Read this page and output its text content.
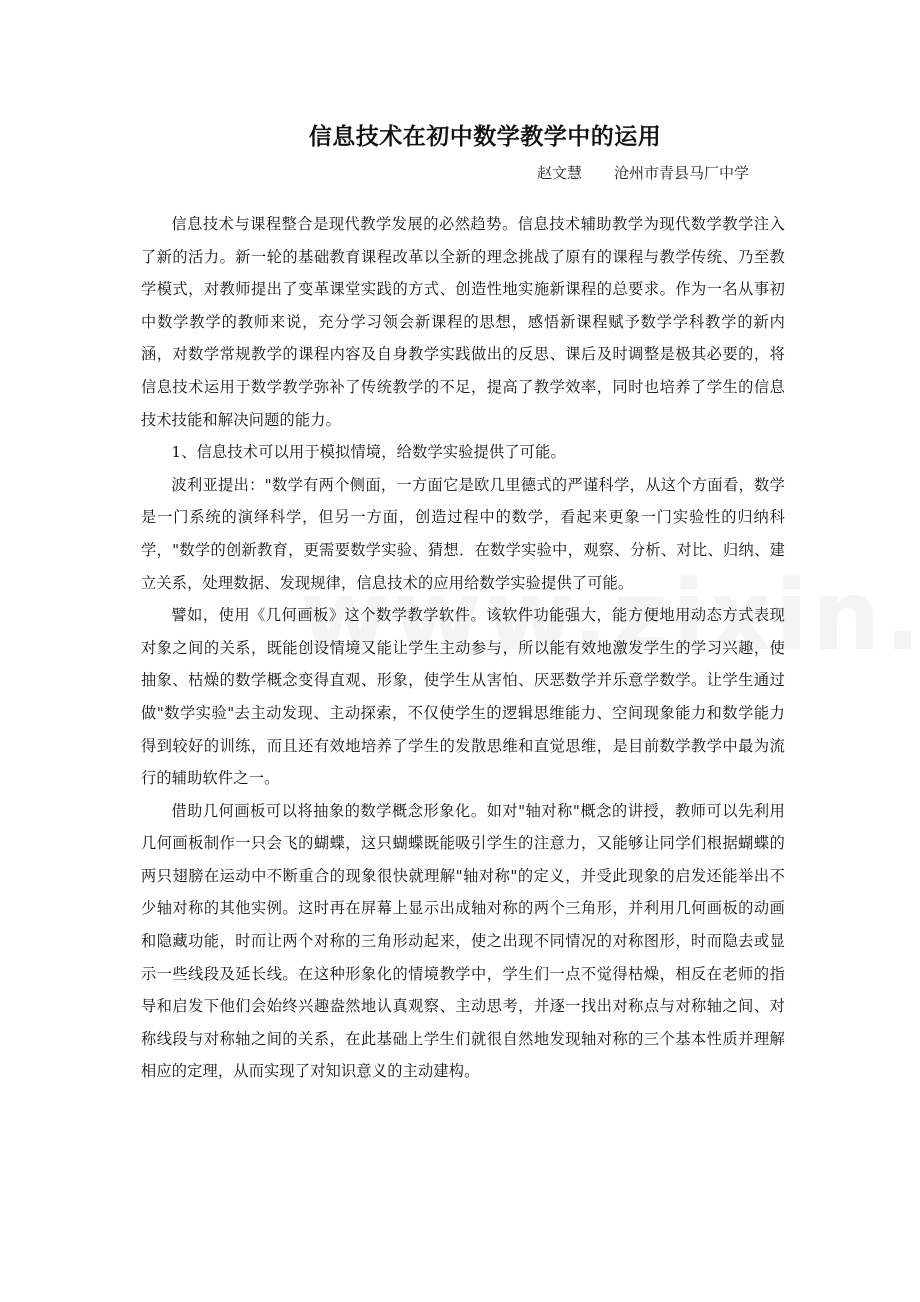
信息技术在初中数学教学中的运用
赵文慧 沧州市青县马厂中学

信息技术与课程整合是现代教学发展的必然趋势。信息技术辅助教学为现代数学教学注入了新的活力。新一轮的基础教育课程改革以全新的理念挑战了原有的课程与教学传统、乃至教学模式，对教师提出了变革课堂实践的方式、创造性地实施新课程的总要求。作为一名从事初中数学教学的教师来说，充分学习领会新课程的思想，感悟新课程赋予数学学科教学的新内涵，对数学常规教学的课程内容及自身教学实践做出的反思、课后及时调整是极其必要的，将信息技术运用于数学教学弥补了传统教学的不足，提高了教学效率，同时也培养了学生的信息技术技能和解决问题的能力。

1、信息技术可以用于模拟情境，给数学实验提供了可能。

波利亚提出："数学有两个侧面，一方面它是欧几里德式的严谨科学，从这个方面看，数学是一门系统的演绎科学，但另一方面，创造过程中的数学，看起来更象一门实验性的归纳科学，"数学的创新教育，更需要数学实验、猜想．在数学实验中，观察、分析、对比、归纳、建立关系，处理数据、发现规律，信息技术的应用给数学实验提供了可能。

譬如，使用《几何画板》这个数学教学软件。该软件功能强大，能方便地用动态方式表现对象之间的关系，既能创设情境又能让学生主动参与，所以能有效地激发学生的学习兴趣，使抽象、枯燥的数学概念变得直观、形象，使学生从害怕、厌恶数学并乐意学数学。让学生通过做"数学实验"去主动发现、主动探索，不仅使学生的逻辑思维能力、空间现象能力和数学能力得到较好的训练，而且还有效地培养了学生的发散思维和直觉思维，是目前数学教学中最为流行的辅助软件之一。

借助几何画板可以将抽象的数学概念形象化。如对"轴对称"概念的讲授，教师可以先利用几何画板制作一只会飞的蝴蝶，这只蝴蝶既能吸引学生的注意力，又能够让同学们根据蝴蝶的两只翅膀在运动中不断重合的现象很快就理解"轴对称"的定义，并受此现象的启发还能举出不少轴对称的其他实例。这时再在屏幕上显示出成轴对称的两个三角形，并利用几何画板的动画和隐藏功能，时而让两个对称的三角形动起来，使之出现不同情况的对称图形，时而隐去或显示一些线段及延长线。在这种形象化的情境教学中，学生们一点不觉得枯燥，相反在老师的指导和启发下他们会始终兴趣盎然地认真观察、主动思考，并逐一找出对称点与对称轴之间、对称线段与对称轴之间的关系，在此基础上学生们就很自然地发现轴对称的三个基本性质并理解相应的定理，从而实现了对知识意义的主动建构。
